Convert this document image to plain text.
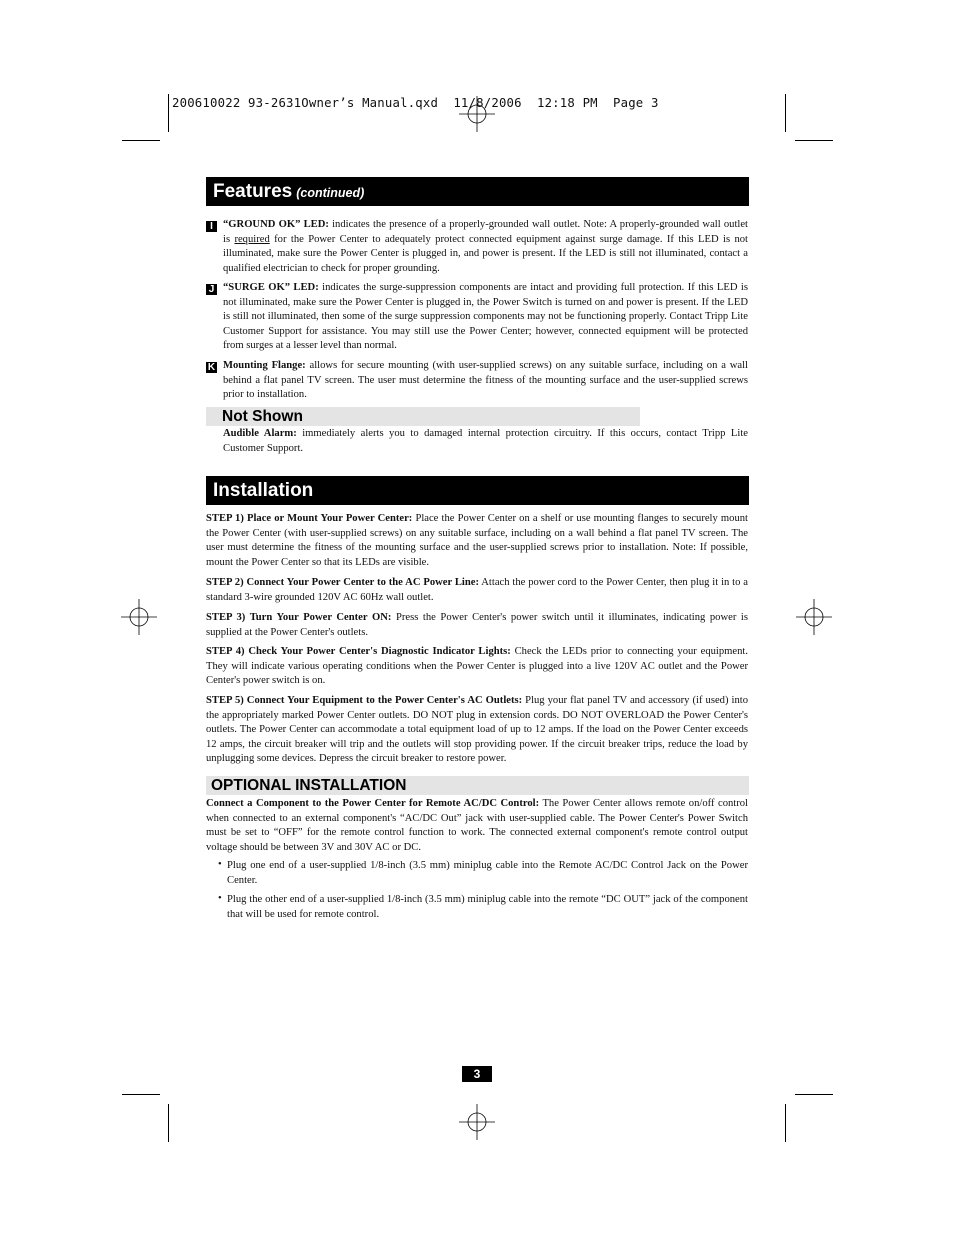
200610022 93-2631Owner’s Manual.qxd  11/8/2006  12:18 PM  Page 3
Features (continued)
I “GROUND OK” LED: indicates the presence of a properly-grounded wall outlet. Note: A properly-grounded wall outlet is required for the Power Center to adequately protect connected equipment against surge damage. If this LED is not illuminated, make sure the Power Center is plugged in, and power is present. If the LED is still not illuminated, contact a qualified electrician to check for proper grounding.
J “SURGE OK” LED: indicates the surge-suppression components are intact and providing full protection. If this LED is not illuminated, make sure the Power Center is plugged in, the Power Switch is turned on and power is present. If the LED is still not illuminated, then some of the surge suppression components may not be functioning properly. Contact Tripp Lite Customer Support for assistance. You may still use the Power Center; however, connected equipment will be protected from surges at a lesser level than normal.
K Mounting Flange: allows for secure mounting (with user-supplied screws) on any suitable surface, including on a wall behind a flat panel TV screen. The user must determine the fitness of the mounting surface and the user-supplied screws prior to installation.
Not Shown
Audible Alarm: immediately alerts you to damaged internal protection circuitry. If this occurs, contact Tripp Lite Customer Support.
Installation
STEP 1) Place or Mount Your Power Center: Place the Power Center on a shelf or use mounting flanges to securely mount the Power Center (with user-supplied screws) on any suitable surface, including on a wall behind a flat panel TV screen. The user must determine the fitness of the mounting surface and the user-supplied screws prior to installation. Note: If possible, mount the Power Center so that its LEDs are visible.
STEP 2) Connect Your Power Center to the AC Power Line: Attach the power cord to the Power Center, then plug it in to a standard 3-wire grounded 120V AC 60Hz wall outlet.
STEP 3) Turn Your Power Center ON: Press the Power Center's power switch until it illuminates, indicating power is supplied at the Power Center's outlets.
STEP 4) Check Your Power Center's Diagnostic Indicator Lights: Check the LEDs prior to connecting your equipment. They will indicate various operating conditions when the Power Center is plugged into a live 120V AC outlet and the Power Center's power switch is on.
STEP 5) Connect Your Equipment to the Power Center's AC Outlets: Plug your flat panel TV and accessory (if used) into the appropriately marked Power Center outlets. DO NOT plug in extension cords. DO NOT OVERLOAD the Power Center's outlets. The Power Center can accommodate a total equipment load of up to 12 amps. If the load on the Power Center exceeds 12 amps, the circuit breaker will trip and the outlets will stop providing power. If the circuit breaker trips, reduce the load by unplugging some devices. Depress the circuit breaker to restore power.
OPTIONAL INSTALLATION
Connect a Component to the Power Center for Remote AC/DC Control: The Power Center allows remote on/off control when connected to an external component's “AC/DC Out” jack with user-supplied cable. The Power Center's Power Switch must be set to “OFF” for the remote control function to work. The connected external component's remote control output voltage should be between 3V and 30V AC or DC.
• Plug one end of a user-supplied 1/8-inch (3.5 mm) miniplug cable into the Remote AC/DC Control Jack on the Power Center.
• Plug the other end of a user-supplied 1/8-inch (3.5 mm) miniplug cable into the remote “DC OUT” jack of the component that will be used for remote control.
3
